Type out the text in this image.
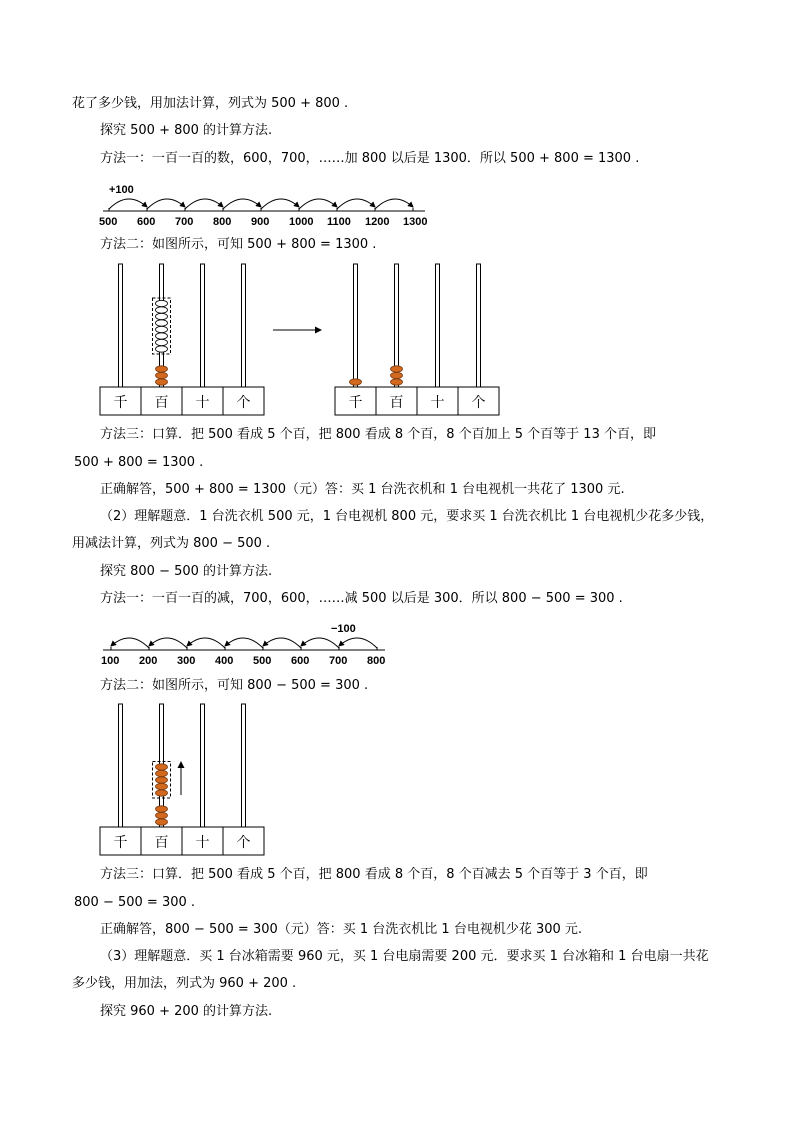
花了多少钱，用加法计算，列式为 500 + 800 .
探究 500 + 800 的计算方法.
方法一：一百一百的数，600，700，……加 800 以后是 1300．所以 500 + 800 = 1300 .
+100
500 600 700 800 900 1000 1100 1200 1300
方法二：如图所示，可知 500 + 800 = 1300 .
千 百 十 个	千 百 十 个
方法三：口算．把 500 看成 5 个百，把 800 看成 8 个百，8 个百加上 5 个百等于 13 个百，即
500 + 800 = 1300 .
正确解答，500 + 800 = 1300（元）答：买 1 台洗衣机和 1 台电视机一共花了 1300 元.
（2）理解题意．1 台洗衣机 500 元，1 台电视机 800 元，要求买 1 台洗衣机比 1 台电视机少花多少钱，
用减法计算，列式为 800 − 500 .
探究 800 − 500 的计算方法.
方法一：一百一百的减，700，600，……减 500 以后是 300．所以 800 − 500 = 300 .
−100
100 200 300 400 500 600 700 800
方法二：如图所示，可知 800 − 500 = 300 .
千 百 十 个
方法三：口算．把 500 看成 5 个百，把 800 看成 8 个百，8 个百减去 5 个百等于 3 个百，即
800 − 500 = 300 .
正确解答，800 − 500 = 300（元）答：买 1 台洗衣机比 1 台电视机少花 300 元.
（3）理解题意．买 1 台冰箱需要 960 元，买 1 台电扇需要 200 元．要求买 1 台冰箱和 1 台电扇一共花
多少钱，用加法，列式为 960 + 200 .
探究 960 + 200 的计算方法.
